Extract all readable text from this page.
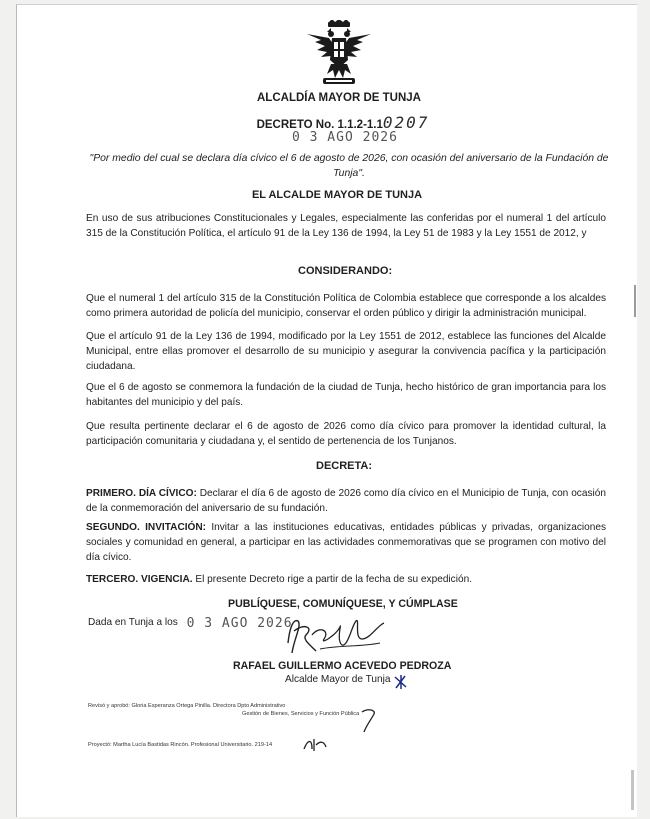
ALCALDÍA MAYOR DE TUNJA
DECRETO No. 1.1.2-1.10207
0 3 AGO 2026
"Por medio del cual se declara día cívico el 6 de agosto de 2026, con ocasión del aniversario de la Fundación de Tunja".
EL ALCALDE MAYOR DE TUNJA
En uso de sus atribuciones Constitucionales y Legales, especialmente las conferidas por el numeral 1 del artículo 315 de la Constitución Política, el artículo 91 de la Ley 136 de 1994, la Ley 51 de 1983 y la Ley 1551 de 2012, y
CONSIDERANDO:
Que el numeral 1 del artículo 315 de la Constitución Política de Colombia establece que corresponde a los alcaldes como primera autoridad de policía del municipio, conservar el orden público y dirigir la administración municipal.
Que el artículo 91 de la Ley 136 de 1994, modificado por la Ley 1551 de 2012, establece las funciones del Alcalde Municipal, entre ellas promover el desarrollo de su municipio y asegurar la convivencia pacífica y la participación ciudadana.
Que el 6 de agosto se conmemora la fundación de la ciudad de Tunja, hecho histórico de gran importancia para los habitantes del municipio y del país.
Que resulta pertinente declarar el 6 de agosto de 2026 como día cívico para promover la identidad cultural, la participación comunitaria y ciudadana y, el sentido de pertenencia de los Tunjanos.
DECRETA:
PRIMERO. DÍA CÍVICO: Declarar el día 6 de agosto de 2026 como día cívico en el Municipio de Tunja, con ocasión de la conmemoración del aniversario de su fundación.
SEGUNDO. INVITACIÓN: Invitar a las instituciones educativas, entidades públicas y privadas, organizaciones sociales y comunidad en general, a participar en las actividades conmemorativas que se programen con motivo del día cívico.
TERCERO. VIGENCIA. El presente Decreto rige a partir de la fecha de su expedición.
PUBLÍQUESE, COMUNÍQUESE, Y CÚMPLASE
Dada en Tunja a los 0 3 AGO 2026
RAFAEL GUILLERMO ACEVEDO PEDROZA
Alcalde Mayor de Tunja
Revisó y aprobó: Gloria Esperanza Ortega Pinilla. Directora Dpto Administrativo
Gestión de Bienes, Servicios y Función Pública
Proyectó: Martha Lucía Bastidas Rincón. Profesional Universitario. 219-14
